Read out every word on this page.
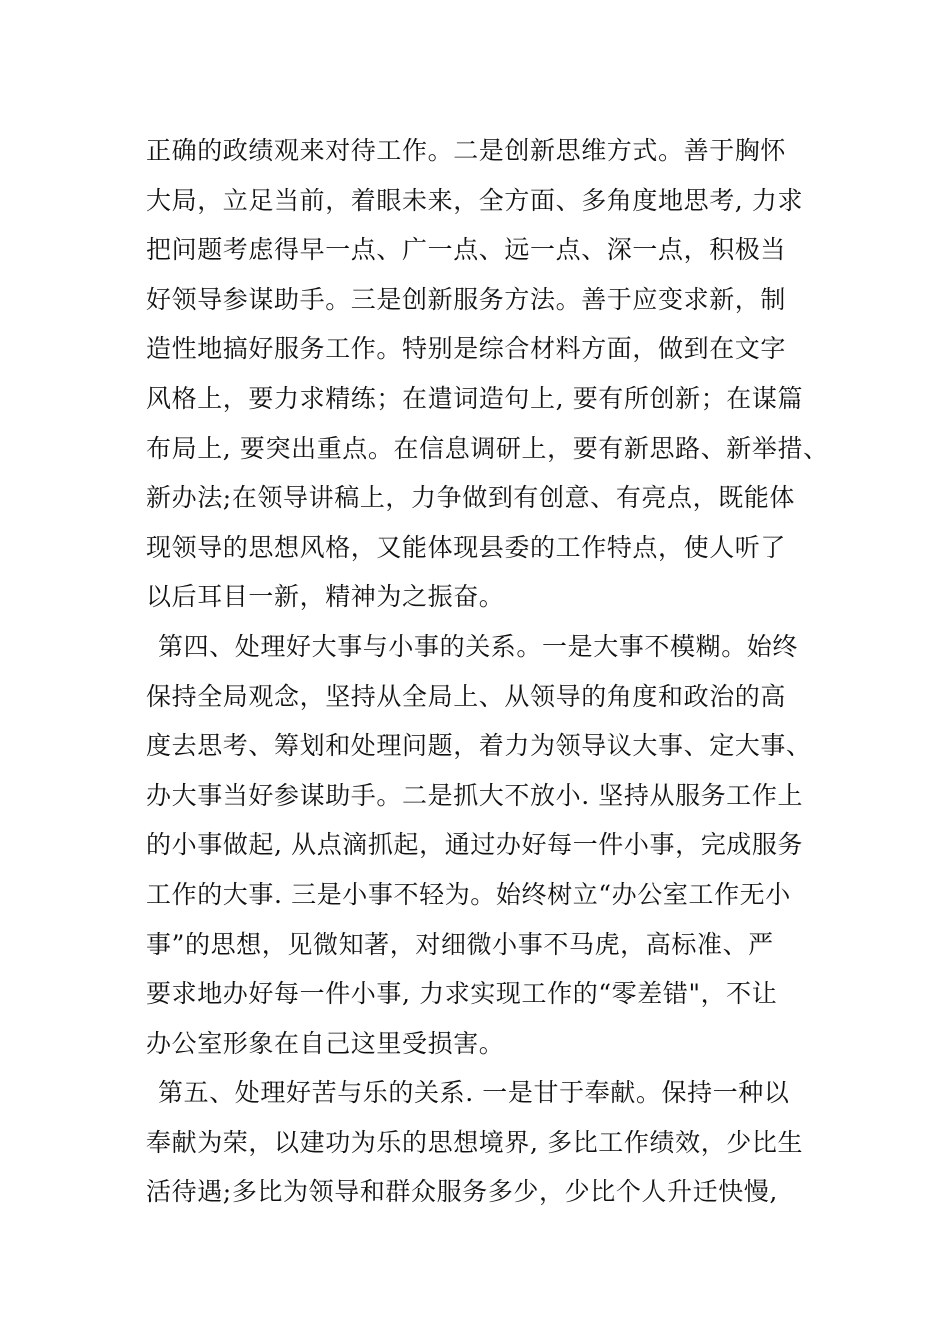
正确的政绩观来对待工作。二是创新思维方式。善于胸怀
大局，立足当前，着眼未来，全方面、多角度地思考, 力求
把问题考虑得早一点、广一点、远一点、深一点，积极当
好领导参谋助手。三是创新服务方法。善于应变求新，制
造性地搞好服务工作。特别是综合材料方面，做到在文字
风格上，要力求精练；在遣词造句上, 要有所创新；在谋篇
布局上, 要突出重点。在信息调研上，要有新思路、新举措、
新办法;在领导讲稿上，力争做到有创意、有亮点，既能体
现领导的思想风格，又能体现县委的工作特点，使人听了
以后耳目一新，精神为之振奋。
第四、处理好大事与小事的关系。一是大事不模糊。始终
保持全局观念，坚持从全局上、从领导的角度和政治的高
度去思考、筹划和处理问题，着力为领导议大事、定大事、
办大事当好参谋助手。二是抓大不放小. 坚持从服务工作上
的小事做起, 从点滴抓起，通过办好每一件小事，完成服务
工作的大事. 三是小事不轻为。始终树立“办公室工作无小
事”的思想，见微知著，对细微小事不马虎，高标准、严
要求地办好每一件小事, 力求实现工作的“零差错"，不让
办公室形象在自己这里受损害。
第五、处理好苦与乐的关系. 一是甘于奉献。保持一种以
奉献为荣，以建功为乐的思想境界, 多比工作绩效，少比生
活待遇;多比为领导和群众服务多少，少比个人升迁快慢,
